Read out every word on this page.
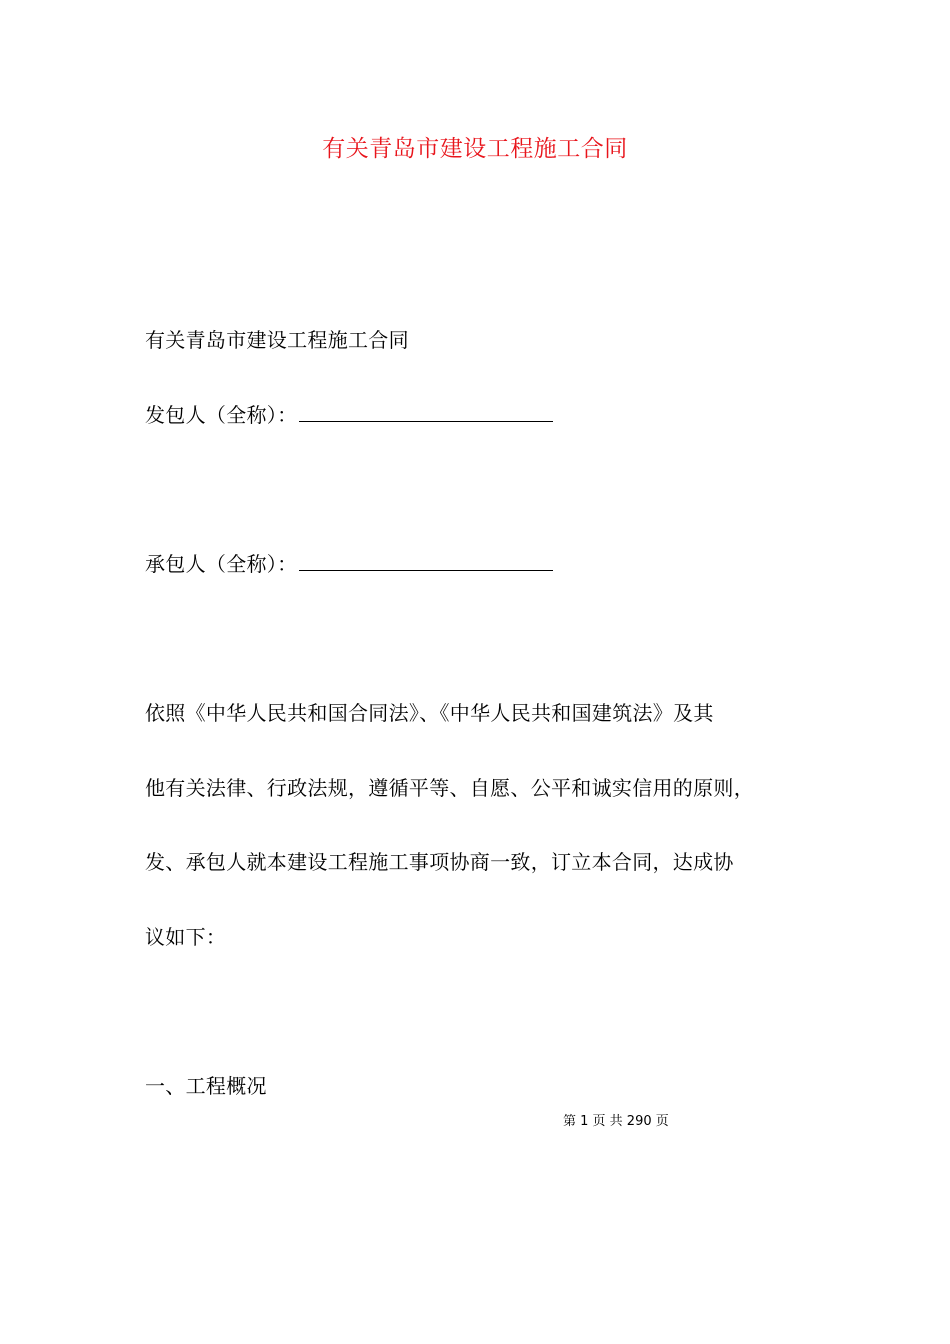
有关青岛市建设工程施工合同
有关青岛市建设工程施工合同
发包人（全称）：
承包人（全称）：
依照《中华人民共和国合同法》、《中华人民共和国建筑法》及其
他有关法律、行政法规，遵循平等、自愿、公平和诚实信用的原则，
发、承包人就本建设工程施工事项协商一致，订立本合同，达成协
议如下：
一、工程概况
第 1 页 共 290 页
